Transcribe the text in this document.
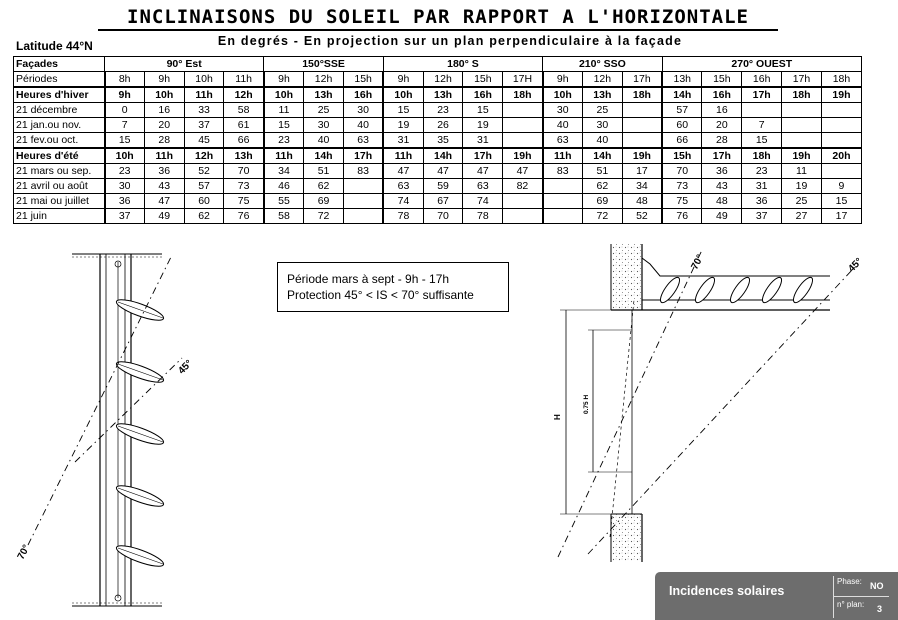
INCLINAISONS DU SOLEIL PAR RAPPORT A L'HORIZONTALE
Latitude 44°N	En degrés - En projection sur un plan perpendiculaire à la façade
Façades	90° Est				150°SSE			180° S				210° SSO			270° OUEST				
Périodes	8h	9h	10h	11h	9h	12h	15h	9h	12h	15h	17H	9h	12h	17h	13h	15h	16h	17h	18h
Heures d'hiver	9h	10h	11h	12h	10h	13h	16h	10h	13h	16h	18h	10h	13h	18h	14h	16h	17h	18h	19h
21 décembre	0	16	33	58	11	25	30	15	23	15		30	25		57	16			
21 jan.ou nov.	7	20	37	61	15	30	40	19	26	19		40	30		60	20	7		
21 fev.ou oct.	15	28	45	66	23	40	63	31	35	31		63	40		66	28	15		
Heures d'été	10h	11h	12h	13h	11h	14h	17h	11h	14h	17h	19h	11h	14h	19h	15h	17h	18h	19h	20h
21 mars ou sep.	23	36	52	70	34	51	83	47	47	47	47	83	51	17	70	36	23	11	
21 avril ou août	30	43	57	73	46	62		63	59	63	82		62	34	73	43	31	19	9
21 mai ou juillet	36	47	60	75	55	69		74	67	74			69	48	75	48	36	25	15
21 juin	37	49	62	76	58	72		78	70	78			72	52	76	49	37	27	17
Période mars à sept - 9h - 17h
Protection 45° < IS < 70° suffisante
45°
70°
70°	45°
H
0.75 H
Incidences solaires
Phase: NO
n° plan: 3
